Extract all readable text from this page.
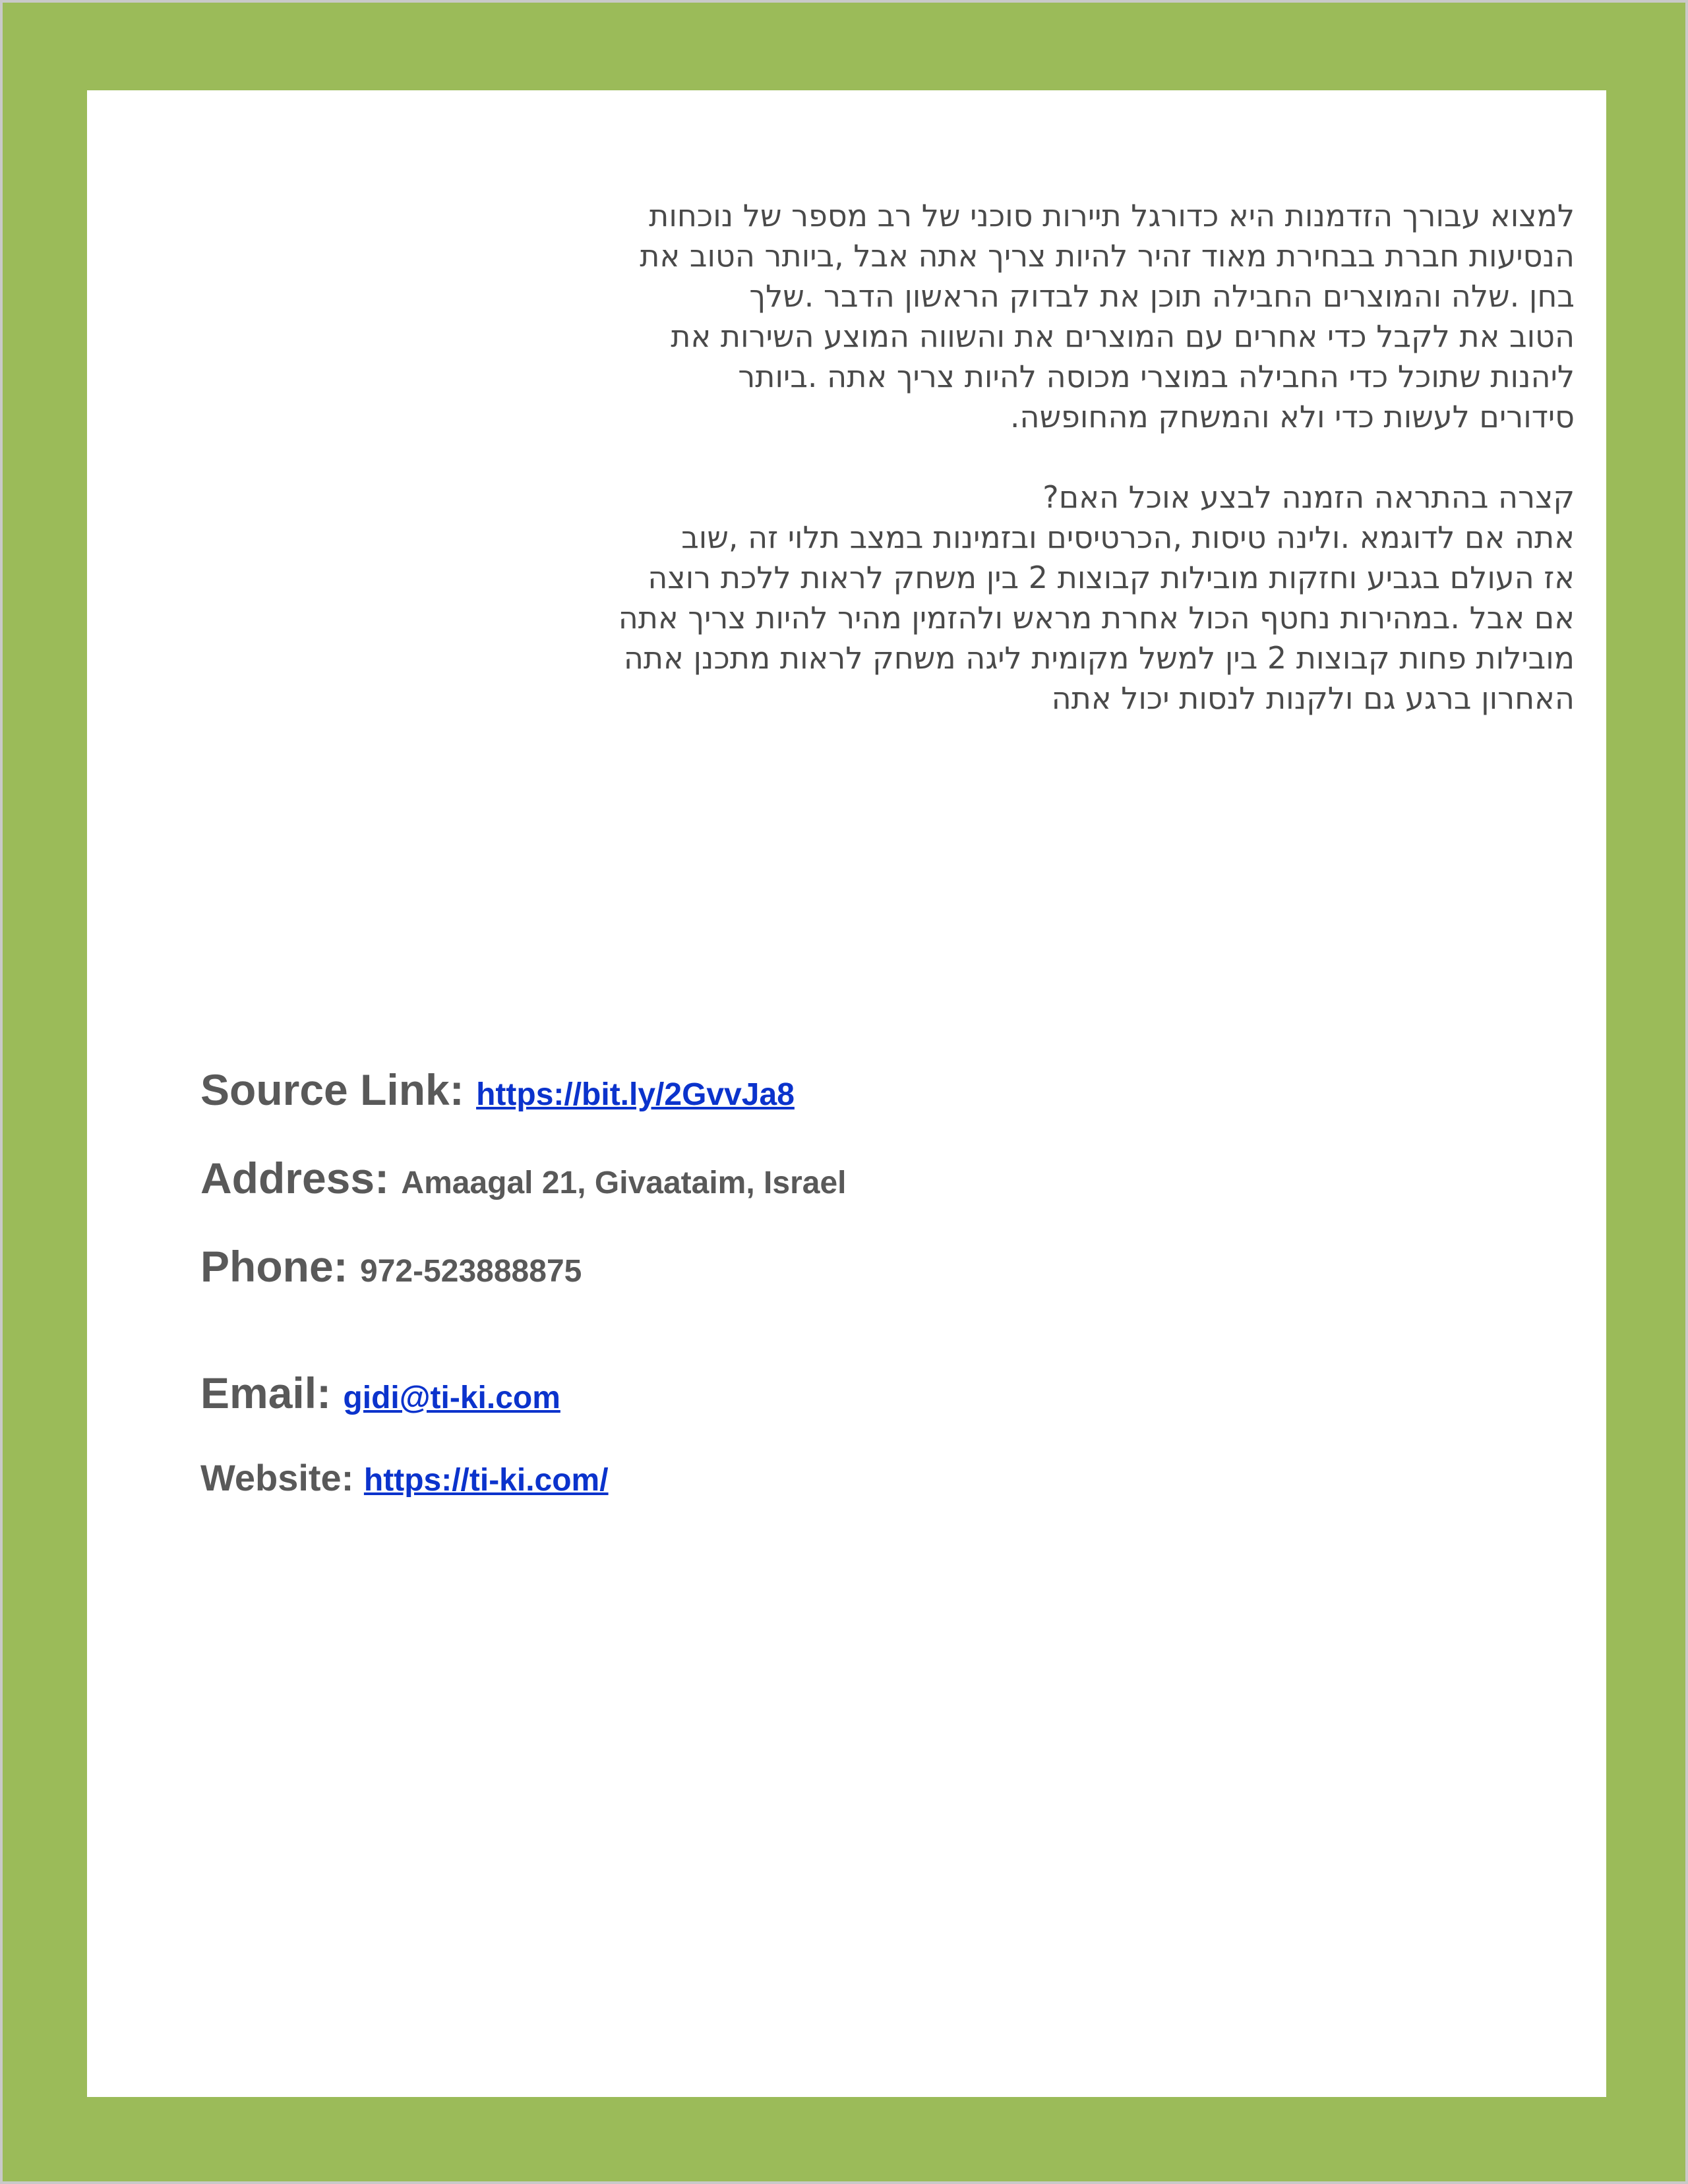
למצוא עבורך הזדמנות היא כדורגל תיירות סוכני של רב מספר של נוכחות

הנסיעות חברת בבחירת מאוד זהיר להיות צריך אתה אבל ,ביותר הטוב את

בחן .שלה והמוצרים החבילה תוכן את לבדוק הראשון הדבר .שלך

הטוב את לקבל כדי אחרים עם המוצרים את והשווה המוצע השירות את

ליהנות שתוכל כדי החבילה במוצרי מכוסה להיות צריך אתה .ביותר

סידורים לעשות כדי ולא והמשחק מהחופשה.

קצרה בהתראה הזמנה לבצע אוכל האם?

אתה אם לדוגמא .ולינה טיסות ,הכרטיסים ובזמינות במצב תלוי זה ,שוב

אז העולם בגביע וחזקות מובילות קבוצות 2 בין משחק לראות ללכת רוצה

אם אבל .במהירות נחטף הכול אחרת מראש ולהזמין מהיר להיות צריך אתה

מובילות פחות קבוצות 2 בין למשל מקומית ליגה משחק לראות מתכנן אתה

האחרון ברגע גם ולקנות לנסות יכול אתה

Source Link: https://bit.ly/2GvvJa8
Address: Amaagal 21, Givaataim, Israel
Phone: 972-523888875
Email: gidi@ti-ki.com
Website: https://ti-ki.com/
